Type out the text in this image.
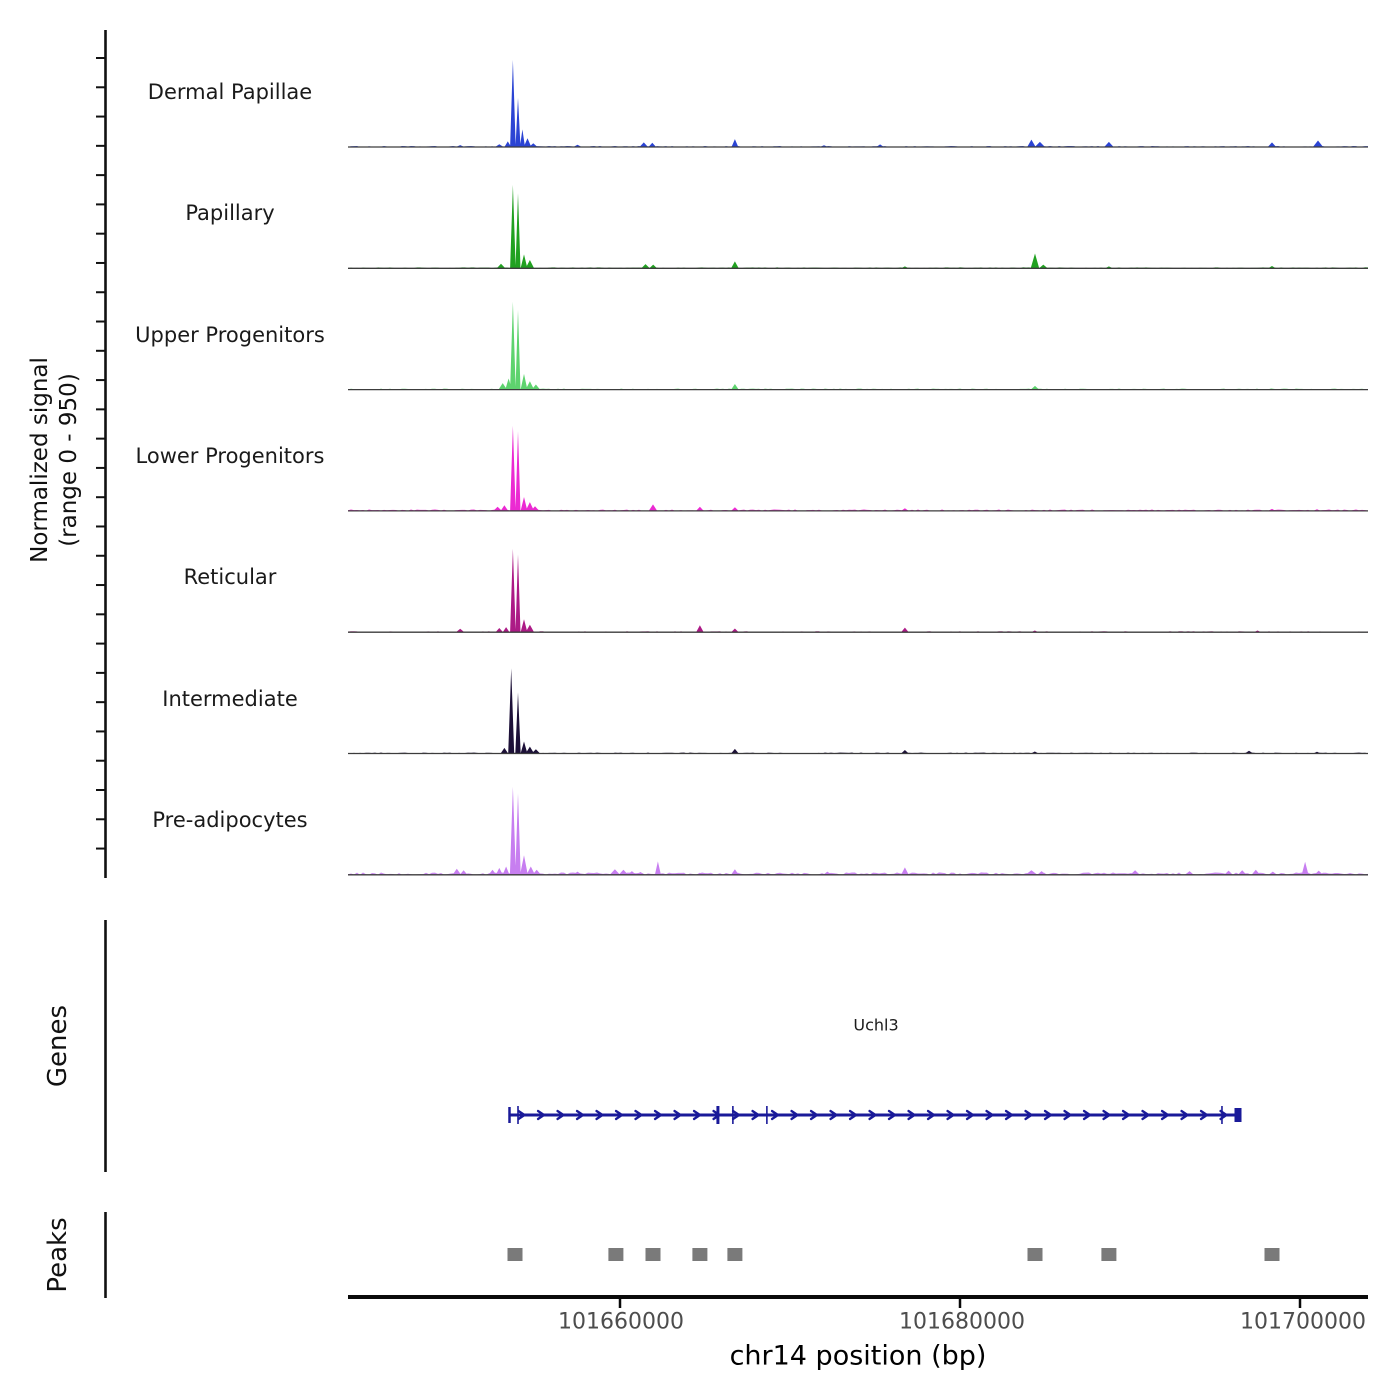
Normalized signal (range 0 - 950)
Dermal Papillae
Papillary
Upper Progenitors
Lower Progenitors
Reticular
Intermediate
Pre-adipocytes
Genes
Peaks
Uchl3
101660000	101680000	101700000
chr14 position (bp)
